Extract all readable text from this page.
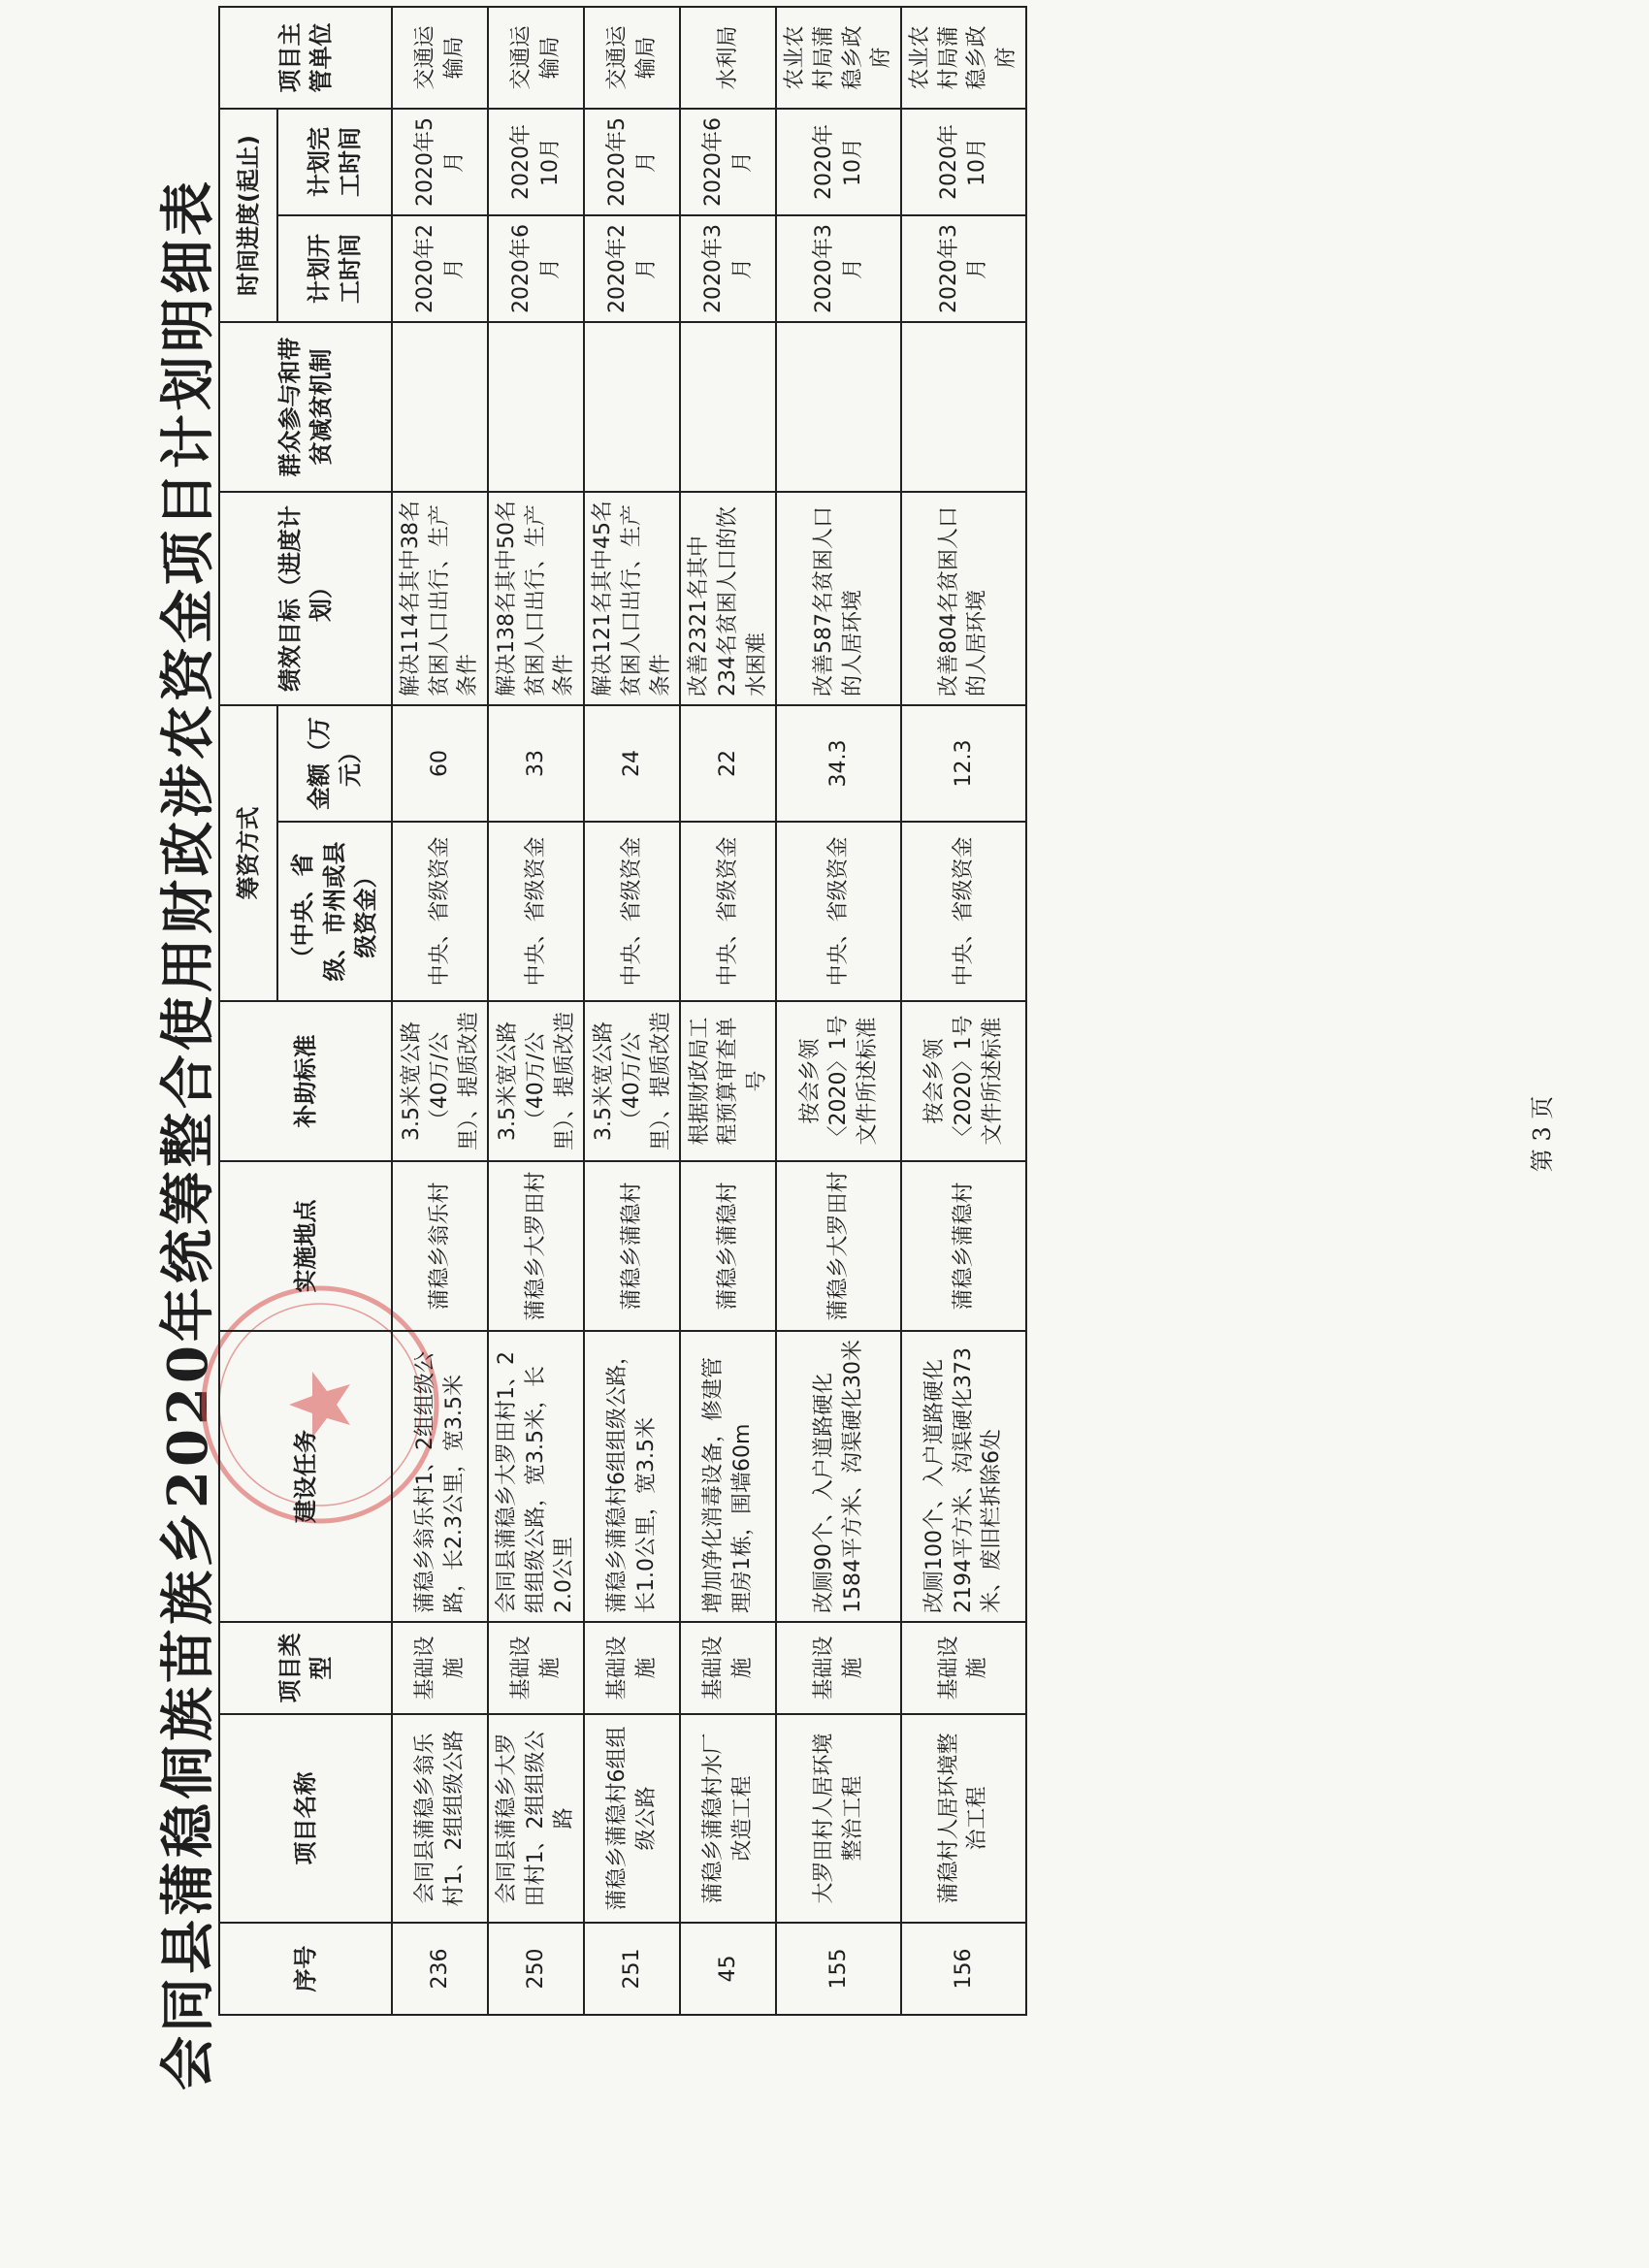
会同县蒲稳侗族苗族乡2020年统筹整合使用财政涉农资金项目计划明细表	序号	项目名称	项目类型	建设任务	实施地点	补助标准	筹资方式		绩效目标（进度计划）	群众参与和带贫减贫机制	时间进度(起止)		项目主管单位
						（中央、省级、市州或县级资金）	金额（万元）			计划开工时间	计划完工时间	
236	会同县蒲稳乡翁乐村1、2组组级公路	基础设施	蒲稳乡翁乐村1、2组组级公路，长2.3公里，宽3.5米	蒲稳乡翁乐村	3.5米宽公路（40万/公里）、提质改造	中央、省级资金	60	解决114名其中38名贫困人口出行、生产条件		2020年2月	2020年5月	交通运输局
250	会同县蒲稳乡大罗田村1、2组组级公路	基础设施	会同县蒲稳乡大罗田村1、2组组级公路，宽3.5米，长2.0公里	蒲稳乡大罗田村	3.5米宽公路（40万/公里）、提质改造	中央、省级资金	33	解决138名其中50名贫困人口出行、生产条件		2020年6月	2020年10月	交通运输局
251	蒲稳乡蒲稳村6组组级公路	基础设施	蒲稳乡蒲稳村6组组级公路，长1.0公里，宽3.5米	蒲稳乡蒲稳村	3.5米宽公路（40万/公里）、提质改造	中央、省级资金	24	解决121名其中45名贫困人口出行、生产条件		2020年2月	2020年5月	交通运输局
45	蒲稳乡蒲稳村水厂改造工程	基础设施	增加净化消毒设备，修建管理房1栋，围墙60m	蒲稳乡蒲稳村	根据财政局工程预算审查单号	中央、省级资金	22	改善2321名其中234名贫困人口的饮水困难		2020年3月	2020年6月	水利局
155	大罗田村人居环境整治工程	基础设施	改厕90个、入户道路硬化1584平方米、沟渠硬化30米	蒲稳乡大罗田村	按会乡领〈2020〉1号文件所述标准	中央、省级资金	34.3	改善587名贫困人口的人居环境		2020年3月	2020年10月	农业农村局蒲稳乡政府
156	蒲稳村人居环境整治工程	基础设施	改厕100个、入户道路硬化2194平方米、沟渠硬化373米、废旧栏拆除6处	蒲稳乡蒲稳村	按会乡领〈2020〉1号文件所述标准	中央、省级资金	12.3	改善804名贫困人口的人居环境		2020年3月	2020年10月	农业农村局蒲稳乡政府
第 3 页
